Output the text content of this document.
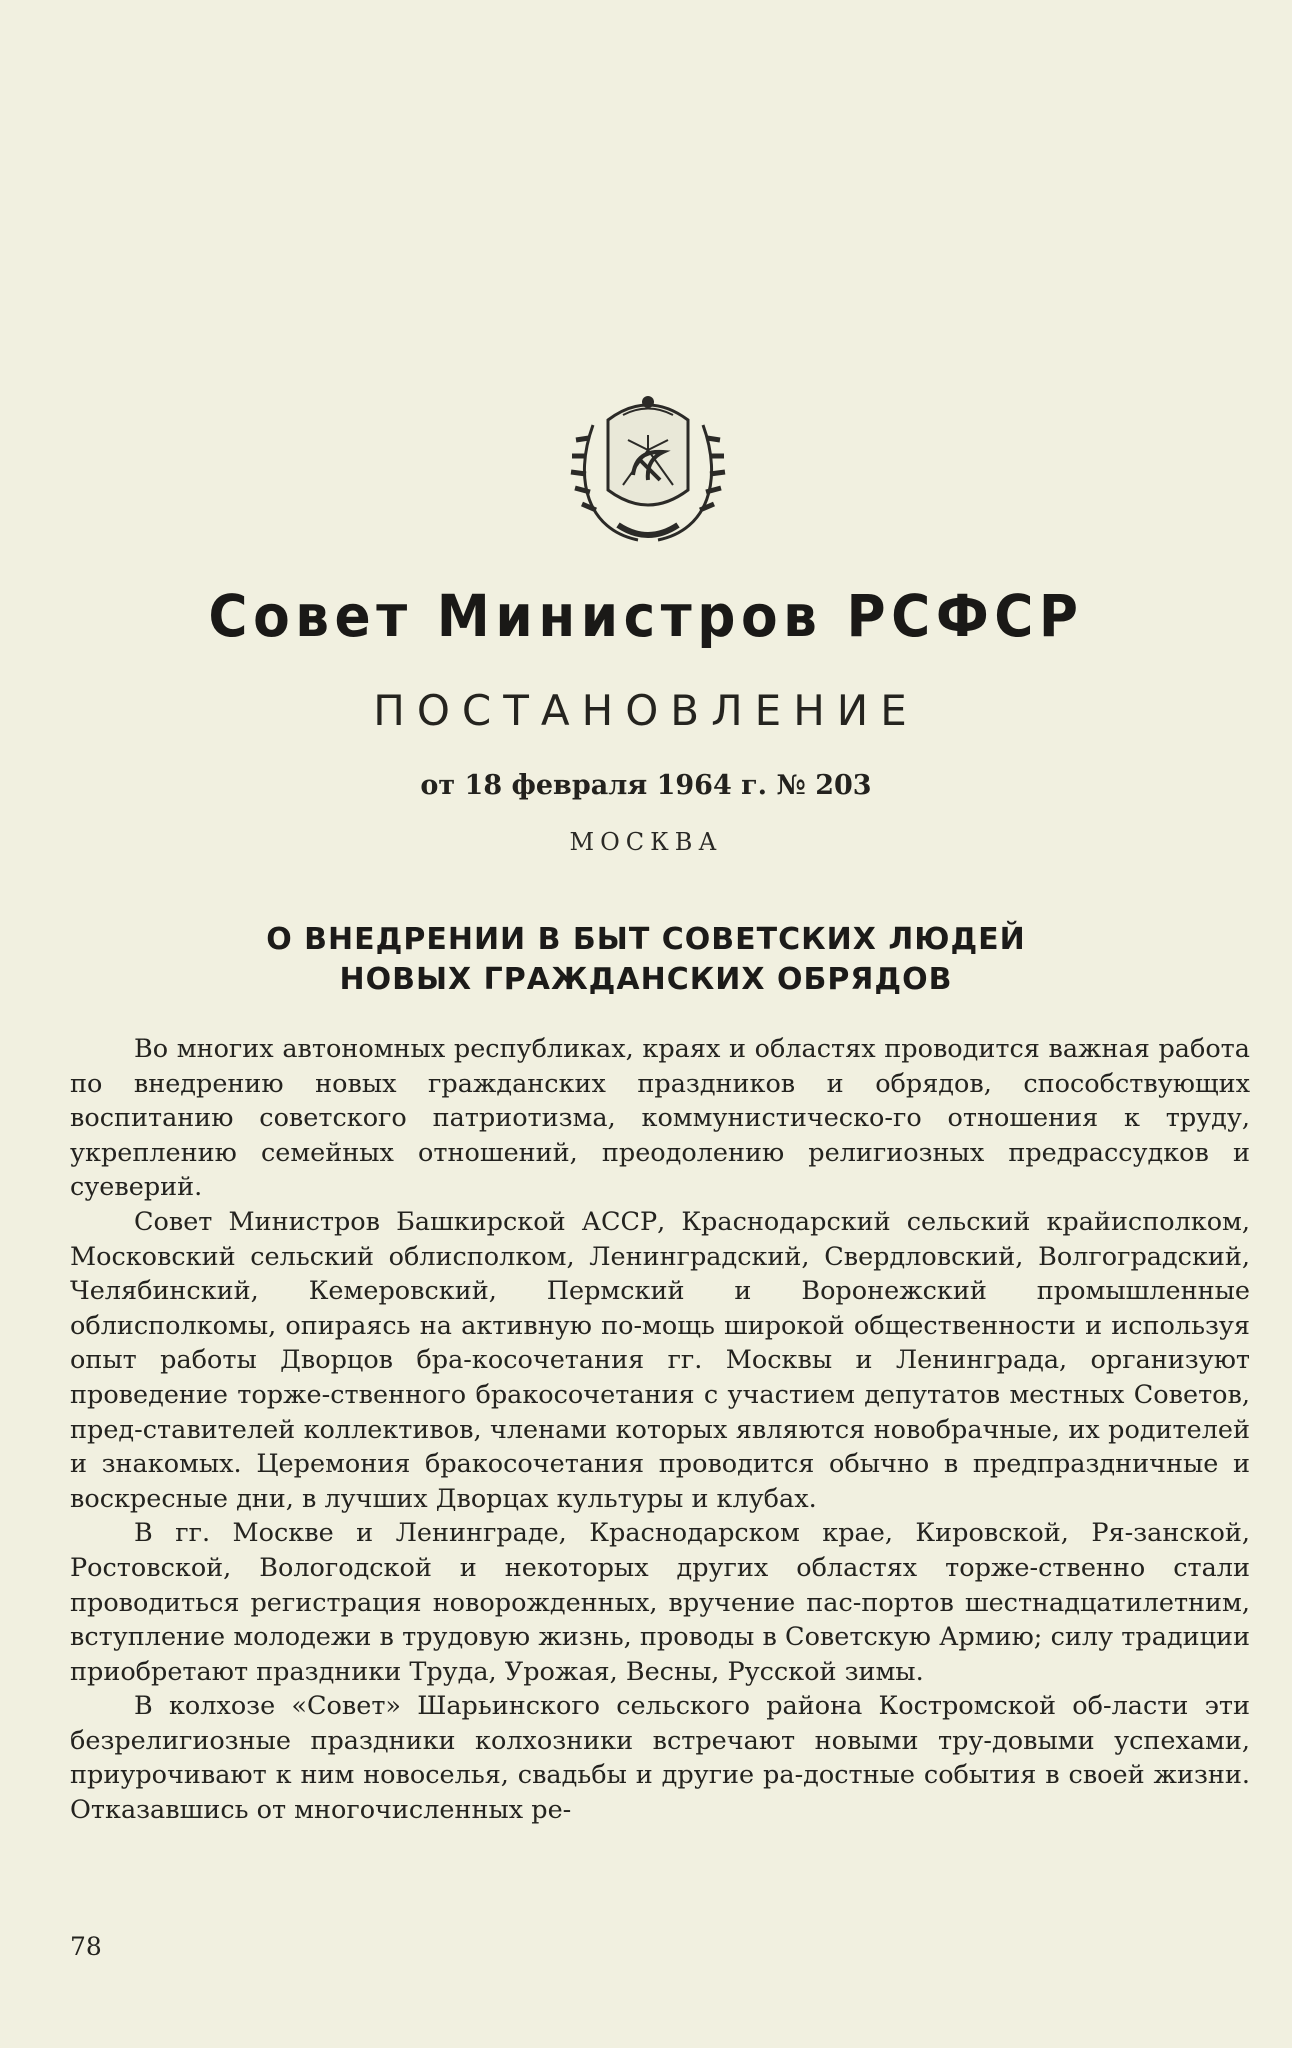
Совет Министров РСФСР
ПОСТАНОВЛЕНИЕ
от 18 февраля 1964 г. № 203
МОСКВА
О ВНЕДРЕНИИ В БЫТ СОВЕТСКИХ ЛЮДЕЙ
НОВЫХ ГРАЖДАНСКИХ ОБРЯДОВ

Во многих автономных республиках, краях и областях проводится важная работа по внедрению новых гражданских праздников и обрядов, способствующих воспитанию советского патриотизма, коммунистическо-го отношения к труду, укреплению семейных отношений, преодолению религиозных предрассудков и суеверий.

Совет Министров Башкирской АССР, Краснодарский сельский крайисполком, Московский сельский облисполком, Ленинградский, Свердловский, Волгоградский, Челябинский, Кемеровский, Пермский и Воронежский промышленные облисполкомы, опираясь на активную по-мощь широкой общественности и используя опыт работы Дворцов бра-косочетания гг. Москвы и Ленинграда, организуют проведение торже-ственного бракосочетания с участием депутатов местных Советов, пред-ставителей коллективов, членами которых являются новобрачные, их родителей и знакомых. Церемония бракосочетания проводится обычно в предпраздничные и воскресные дни, в лучших Дворцах культуры и клубах.

В гг. Москве и Ленинграде, Краснодарском крае, Кировской, Ря-занской, Ростовской, Вологодской и некоторых других областях торже-ственно стали проводиться регистрация новорожденных, вручение пас-портов шестнадцатилетним, вступление молодежи в трудовую жизнь, проводы в Советскую Армию; силу традиции приобретают праздники Труда, Урожая, Весны, Русской зимы.

В колхозе «Совет» Шарьинского сельского района Костромской об-ласти эти безрелигиозные праздники колхозники встречают новыми тру-довыми успехами, приурочивают к ним новоселья, свадьбы и другие ра-достные события в своей жизни. Отказавшись от многочисленных ре-

78
